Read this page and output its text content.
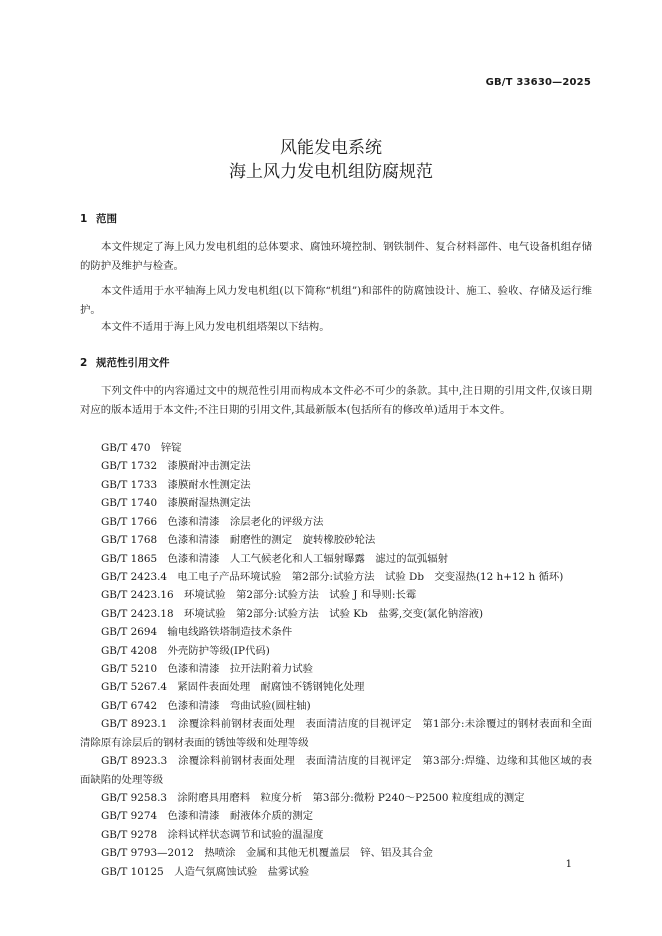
GB/T 33630—2025
风能发电系统
海上风力发电机组防腐规范
1 范围

本文件规定了海上风力发电机组的总体要求、腐蚀环境控制、钢铁制件、复合材料部件、电气设备机组存储的防护及维护与检查。

本文件适用于水平轴海上风力发电机组(以下简称“机组”)和部件的防腐蚀设计、施工、验收、存储及运行维护。

本文件不适用于海上风力发电机组塔架以下结构。

2 规范性引用文件

下列文件中的内容通过文中的规范性引用而构成本文件必不可少的条款。其中,注日期的引用文件,仅该日期对应的版本适用于本文件;不注日期的引用文件,其最新版本(包括所有的修改单)适用于本文件。

GB/T 470　锌锭
GB/T 1732　漆膜耐冲击测定法
GB/T 1733　漆膜耐水性测定法
GB/T 1740　漆膜耐湿热测定法
GB/T 1766　色漆和清漆　涂层老化的评级方法
GB/T 1768　色漆和清漆　耐磨性的测定　旋转橡胶砂轮法
GB/T 1865　色漆和清漆　人工气候老化和人工辐射曝露　滤过的氙弧辐射
GB/T 2423.4　电工电子产品环境试验　第2部分:试验方法　试验 Db　交变湿热(12 h+12 h 循环)
GB/T 2423.16　环境试验　第2部分:试验方法　试验 J 和导则:长霉
GB/T 2423.18　环境试验　第2部分:试验方法　试验 Kb　盐雾,交变(氯化钠溶液)
GB/T 2694　输电线路铁塔制造技术条件
GB/T 4208　外壳防护等级(IP代码)
GB/T 5210　色漆和清漆　拉开法附着力试验
GB/T 5267.4　紧固件表面处理　耐腐蚀不锈钢钝化处理
GB/T 6742　色漆和清漆　弯曲试验(圆柱轴)
GB/T 8923.1　涂覆涂料前钢材表面处理　表面清洁度的目视评定　第1部分:未涂覆过的钢材表面和全面清除原有涂层后的钢材表面的锈蚀等级和处理等级
GB/T 8923.3　涂覆涂料前钢材表面处理　表面清洁度的目视评定　第3部分:焊缝、边缘和其他区域的表面缺陷的处理等级
GB/T 9258.3　涂附磨具用磨料　粒度分析　第3部分:微粉 P240～P2500 粒度组成的测定
GB/T 9274　色漆和清漆　耐液体介质的测定
GB/T 9278　涂料试样状态调节和试验的温湿度
GB/T 9793—2012　热喷涂　金属和其他无机覆盖层　锌、铝及其合金
GB/T 10125　人造气氛腐蚀试验　盐雾试验
1
